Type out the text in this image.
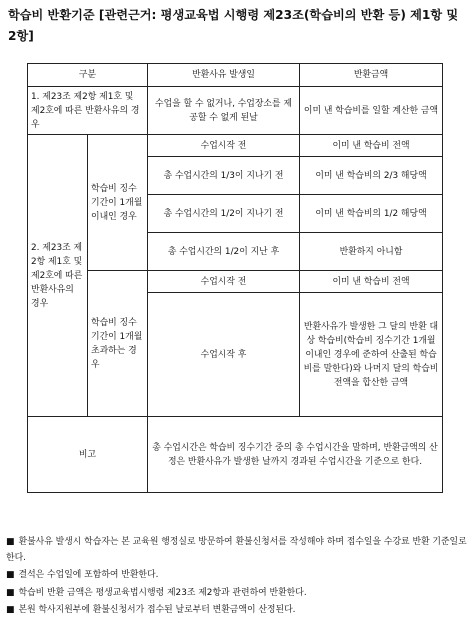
학습비 반환기준 [관련근거: 평생교육법 시행령 제23조(학습비의 반환 등) 제1항 및 2항]
구분		반환사유 발생일	반환금액
1. 제23조 제2항 제1호 및 제2호에 따른 반환사유의 경우		수업을 할 수 없거나, 수업장소를 제공할 수 없게 된날	이미 낸 학습비를 일할 계산한 금액
2. 제23조 제2항 제1호 및 제2호에 따른 반환사유의 경우	학습비 징수기간이 1개월 이내인 경우	수업시작 전	이미 낸 학습비 전액
		총 수업시간의 1/3이 지나기 전	이미 낸 학습비의 2/3 해당액
		총 수업시간의 1/2이 지나기 전	이미 낸 학습비의 1/2 해당액
		총 수업시간의 1/2이 지난 후	반환하지 아니함
	학습비 징수기간이 1개월 초과하는 경우	수업시작 전	이미 낸 학습비 전액
		수업시작 후	반환사유가 발생한 그 달의 반환 대상 학습비(학습비 징수기간 1개월 이내인 경우에 준하여 산출된 학습비를 말한다)와 나머지 달의 학습비 전액을 합산한 금액
비고		총 수업시간은 학습비 징수기간 중의 총 수업시간을 말하며, 반환금액의 산정은 반환사유가 발생한 날까지 경과된 수업시간을 기준으로 한다.	
■ 환불사유 발생시 학습자는 본 교육원 행정실로 방문하여 환불신청서를 작성해야 하며 접수일을 수강료 반환 기준일로 한다.
■ 결석은 수업일에 포함하여 반환한다.
■ 학습비 반환 금액은 평생교육법시행령 제23조 제2항과 관련하여 반환한다.
■ 본원 학사지원부에 환불신청서가 접수된 날로부터 변환금액이 산정된다.
